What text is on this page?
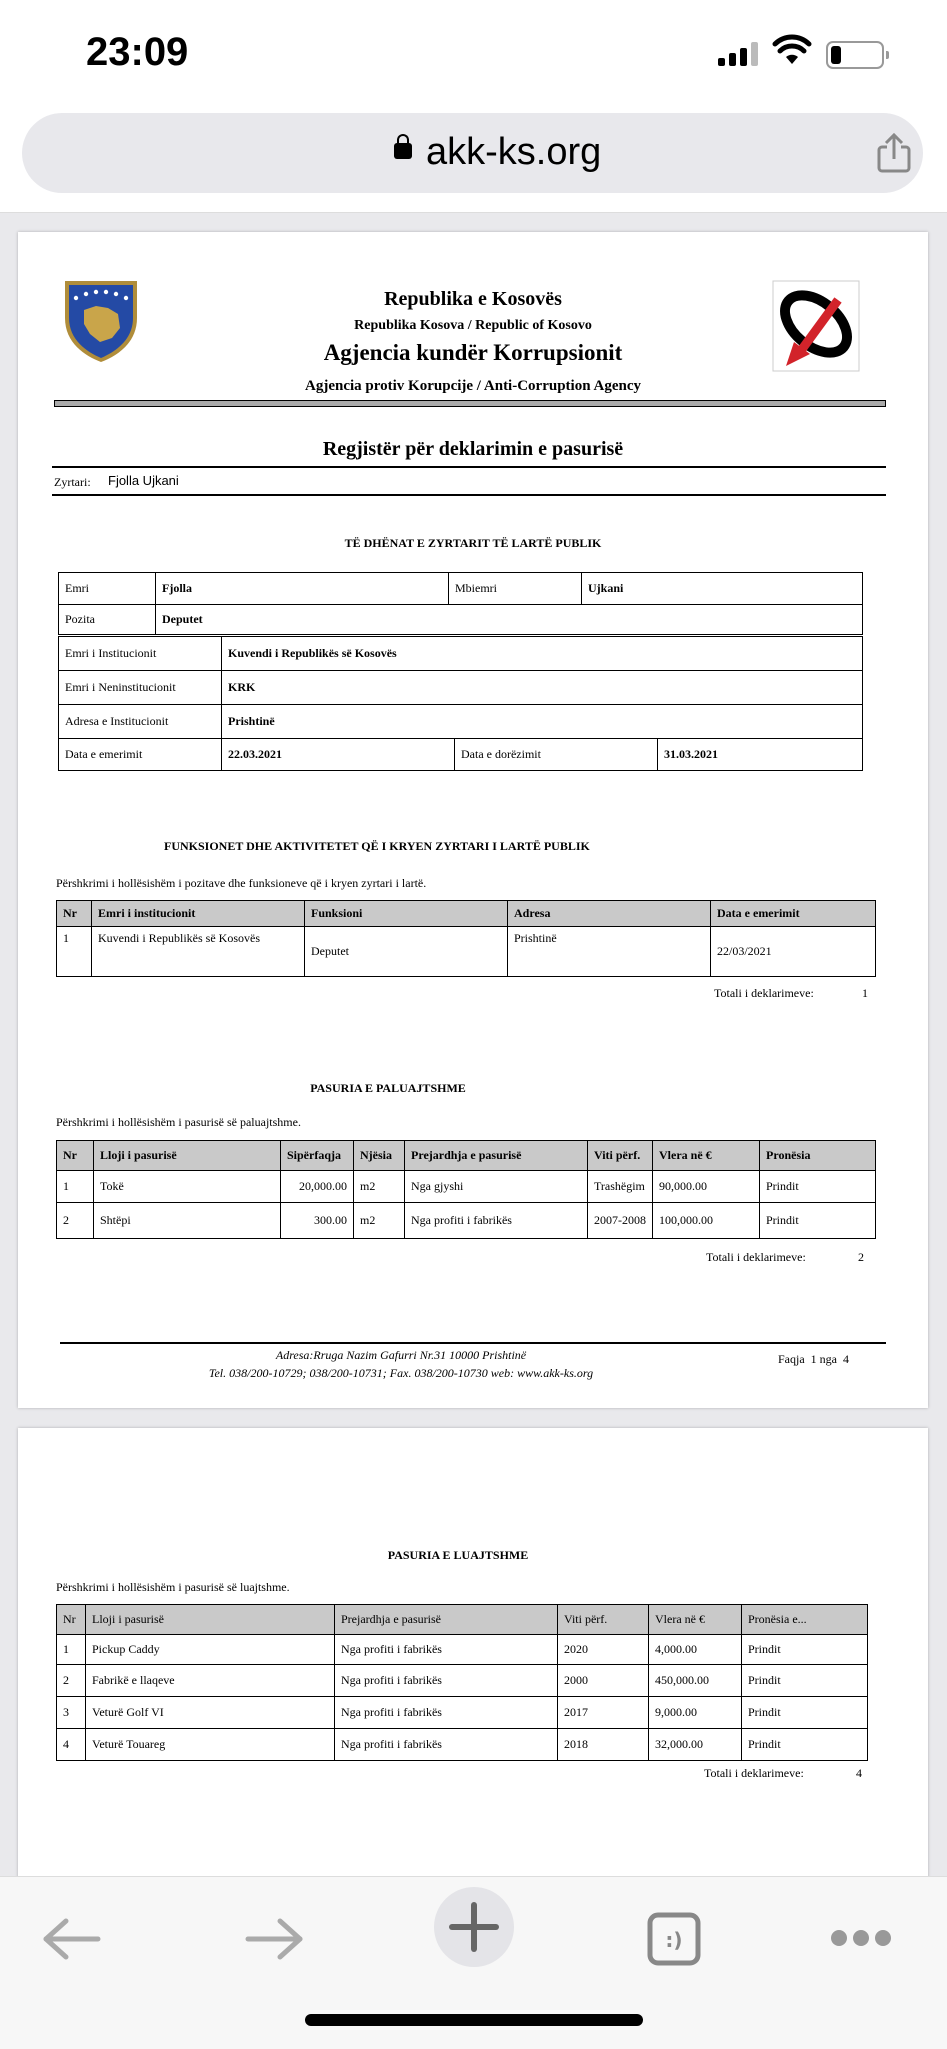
23:09
akk-ks.org
Republika e Kosovës
Republika Kosova / Republic of Kosovo
Agjencia kundër Korrupsionit
Agjencia protiv Korupcije / Anti-Corruption Agency
Regjistër për deklarimin e pasurisë
Zyrtari: Fjolla Ujkani
TË DHËNAT E ZYRTARIT TË LARTË PUBLIK
Emri	Fjolla	Mbiemri	Ujkani
Pozita	Deputet		
Emri i Institucionit	Kuvendi i Republikës së Kosovës
Emri i Neninstitucionit	KRK
Adresa e Institucionit	Prishtinë
Data e emerimit	22.03.2021	Data e dorëzimit	31.03.2021
FUNKSIONET DHE AKTIVITETET QË I KRYEN ZYRTARI I LARTË PUBLIK
Përshkrimi i hollësishëm i pozitave dhe funksioneve që i kryen zyrtari i lartë.
Nr	Emri i institucionit	Funksioni	Adresa	Data e emerimit
1	Kuvendi i Republikës së Kosovës	Deputet	Prishtinë	22/03/2021
Totali i deklarimeve:	1
PASURIA E PALUAJTSHME
Përshkrimi i hollësishëm i pasurisë së paluajtshme.
Nr	Lloji i pasurisë	Sipërfaqja	Njësia	Prejardhja e pasurisë	Viti përf.	Vlera në €	Pronësia
1	Tokë	20,000.00	m2	Nga gjyshi	Trashëgim	90,000.00	Prindit
2	Shtëpi	300.00	m2	Nga profiti i fabrikës	2007-2008	100,000.00	Prindit
Totali i deklarimeve:	2
Adresa:Rruga Nazim Gafurri Nr.31 10000 Prishtinë
Tel. 038/200-10729; 038/200-10731; Fax. 038/200-10730 web: www.akk-ks.org
Faqja 1 nga 4
PASURIA E LUAJTSHME
Përshkrimi i hollësishëm i pasurisë së luajtshme.
Nr	Lloji i pasurisë	Prejardhja e pasurisë	Viti përf.	Vlera në €	Pronësia e...
1	Pickup Caddy	Nga profiti i fabrikës	2020	4,000.00	Prindit
2	Fabrikë e llaqeve	Nga profiti i fabrikës	2000	450,000.00	Prindit
3	Veturë Golf VI	Nga profiti i fabrikës	2017	9,000.00	Prindit
4	Veturë Touareg	Nga profiti i fabrikës	2018	32,000.00	Prindit
Totali i deklarimeve:	4
:)
